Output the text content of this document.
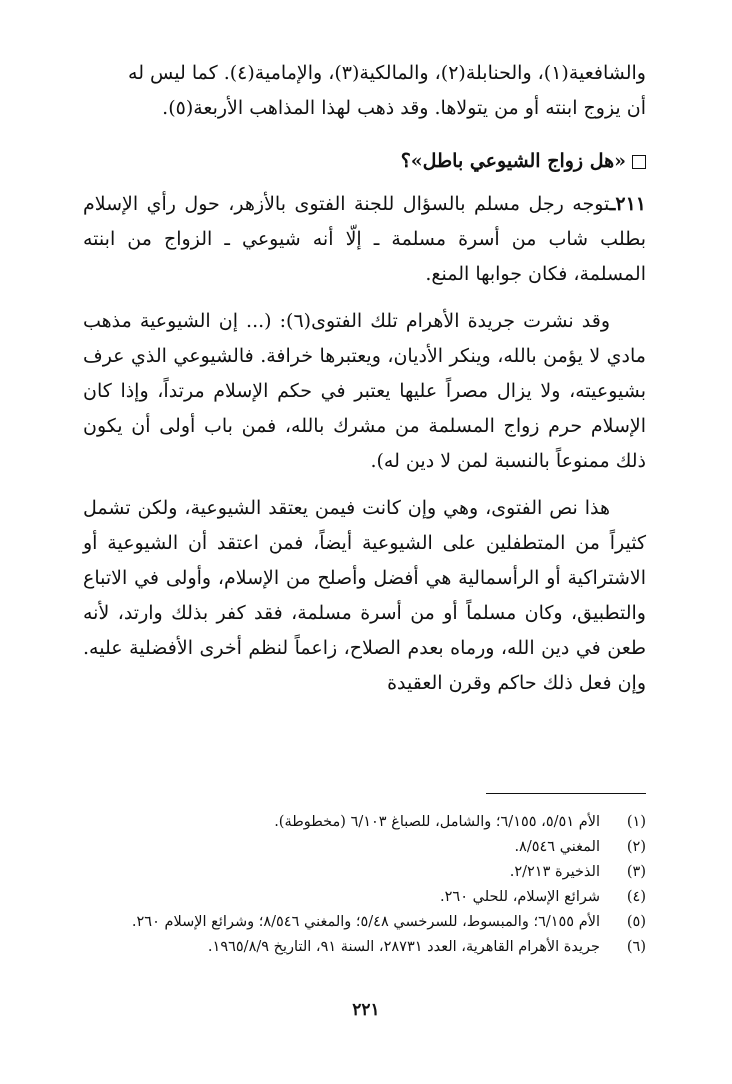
والشافعية(١)، والحنابلة(٢)، والمالكية(٣)، والإمامية(٤). كما ليس له
أن يزوج ابنته أو من يتولاها. وقد ذهب لهذا المذاهب الأربعة(٥).

«هل زواج الشيوعي باطل»؟

٢١١ـتوجه رجل مسلم بالسؤال للجنة الفتوى بالأزهر، حول رأي الإسلام بطلب شاب من أسرة مسلمة ـ إلّا أنه شيوعي ـ الزواج من ابنته المسلمة، فكان جوابها المنع.

وقد نشرت جريدة الأهرام تلك الفتوى(٦): (... إن الشيوعية مذهب مادي لا يؤمن بالله، وينكر الأديان، ويعتبرها خرافة. فالشيوعي الذي عرف بشيوعيته، ولا يزال مصراً عليها يعتبر في حكم الإسلام مرتداً، وإذا كان الإسلام حرم زواج المسلمة من مشرك بالله، فمن باب أولى أن يكون ذلك ممنوعاً بالنسبة لمن لا دين له).

هذا نص الفتوى، وهي وإن كانت فيمن يعتقد الشيوعية، ولكن تشمل كثيراً من المتطفلين على الشيوعية أيضاً، فمن اعتقد أن الشيوعية أو الاشتراكية أو الرأسمالية هي أفضل وأصلح من الإسلام، وأولى في الاتباع والتطبيق، وكان مسلماً أو من أسرة مسلمة، فقد كفر بذلك وارتد، لأنه طعن في دين الله، ورماه بعدم الصلاح، زاعماً لنظم أخرى الأفضلية عليه. وإن فعل ذلك حاكم وقرن العقيدة

(١)
الأم ٥/٥١، ٦/١٥٥؛ والشامل، للصباغ ٦/١٠٣ (مخطوطة).
(٢)
المغني ٨/٥٤٦.
(٣)
الذخيرة ٢/٢١٣.
(٤)
شرائع الإسلام، للحلي ٢٦٠.
(٥)
الأم ٦/١٥٥؛ والمبسوط، للسرخسي ٥/٤٨؛ والمغني ٨/٥٤٦؛ وشرائع الإسلام ٢٦٠.
(٦)
جريدة الأهرام القاهرية، العدد ٢٨٧٣١، السنة ٩١، التاريخ ١٩٦٥/٨/٩.
٢٢١
